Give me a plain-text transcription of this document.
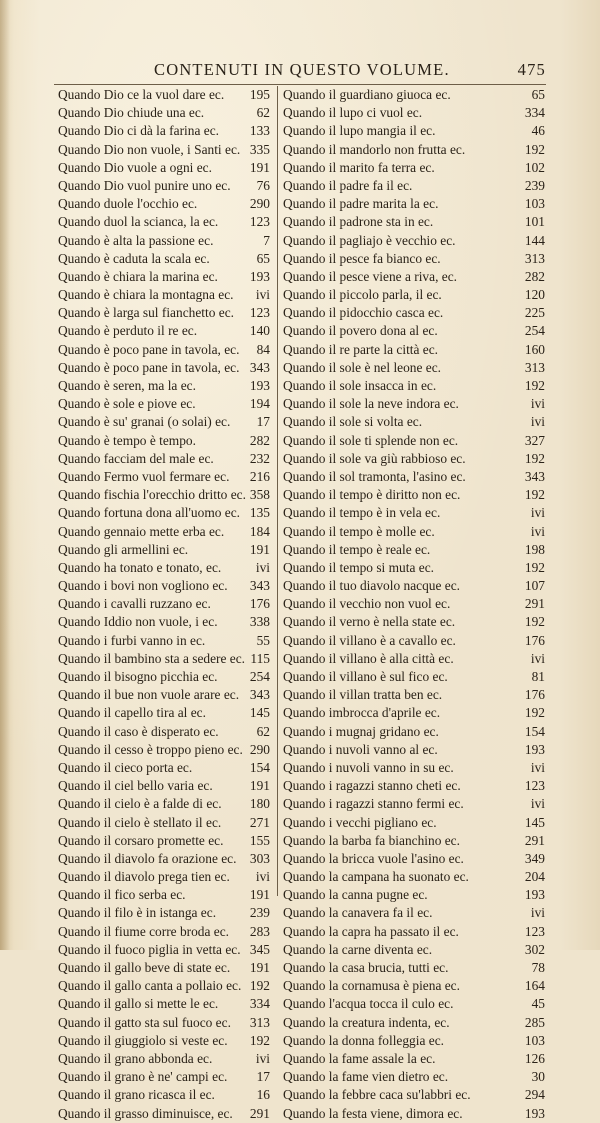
CONTENUTI IN QUESTO VOLUME.	475
Quando Dio ce la vuol dare ec. 195
Quando Dio chiude una ec.	62
Quando Dio ci dà la farina ec. 133
Quando Dio non vuole, i Santi ec. 335
Quando Dio vuole a ogni ec.	191
Quando Dio vuol punire uno ec. 76
Quando duole l'occhio ec.	290
Quando duol la scianca, la ec. 123
Quando è alta la passione ec.	7
Quando è caduta la scala ec.	65
Quando è chiara la marina ec. 193
Quando è chiara la montagna ec. ivi
Quando è larga sul fianchetto ec. 123
Quando è perduto il re ec.	140
Quando è poco pane in tavola, ec. 84
Quando è poco pane in tavola, ec. 343
Quando è seren, ma la ec.	193
Quando è sole e piove ec.	194
Quando è su' granai (o solai) ec. 17
Quando è tempo è tempo.	282
Quando facciam del male ec.	232
Quando Fermo vuol fermare ec. 216
Quando fischia l'orecchio dritto ec. 358
Quando fortuna dona all'uomo ec. 135
Quando gennaio mette erba ec. 184
Quando gli armellini ec.	191
Quando ha tonato e tonato, ec.	ivi
Quando i bovi non vogliono ec. 343
Quando i cavalli ruzzano ec.	176
Quando Iddio non vuole, i ec. 338
Quando i furbi vanno in ec.	55
Quando il bambino sta a sedere ec. 115
Quando il bisogno picchia ec. 254
Quando il bue non vuole arare ec. 343
Quando il capello tira al ec.	145
Quando il caso è disperato ec.	62
Quando il cesso è troppo pieno ec. 290
Quando il cieco porta ec.	154
Quando il ciel bello varia ec.	191
Quando il cielo è a falde di ec. 180
Quando il cielo è stellato il ec. 271
Quando il corsaro promette ec. 155
Quando il diavolo fa orazione ec. 303
Quando il diavolo prega tien ec. ivi
Quando il fico serba ec.	191
Quando il filo è in istanga ec.	239
Quando il fiume corre broda ec. 283
Quando il fuoco piglia in vetta ec. 345
Quando il gallo beve di state ec. 191
Quando il gallo canta a pollaio ec. 192
Quando il gallo si mette le ec. 334
Quando il gatto sta sul fuoco ec. 313
Quando il giuggiolo si veste ec. 192
Quando il grano abbonda ec.	ivi
Quando il grano è ne' campi ec. 17
Quando il grano ricasca il ec.	16
Quando il grasso diminuisce, ec. 291
Quando il guardiano giuoca ec.	65
Quando il lupo ci vuol ec.	334
Quando il lupo mangia il ec.	46
Quando il mandorlo non frutta ec.	192
Quando il marito fa terra ec.	102
Quando il padre fa il ec.	239
Quando il padre marita la ec.	103
Quando il padrone sta in ec.	101
Quando il pagliajo è vecchio ec.	144
Quando il pesce fa bianco ec.	313
Quando il pesce viene a riva, ec.	282
Quando il piccolo parla, il ec.	120
Quando il pidocchio casca ec.	225
Quando il povero dona al ec.	254
Quando il re parte la città ec.	160
Quando il sole è nel leone ec.	313
Quando il sole insacca in ec.	192
Quando il sole la neve indora ec.	ivi
Quando il sole si volta ec.	ivi
Quando il sole ti splende non ec.	327
Quando il sole va giù rabbioso ec.	192
Quando il sol tramonta, l'asino ec.	343
Quando il tempo è diritto non ec.	192
Quando il tempo è in vela ec.	ivi
Quando il tempo è molle ec.	ivi
Quando il tempo è reale ec.	198
Quando il tempo si muta ec.	192
Quando il tuo diavolo nacque ec.	107
Quando il vecchio non vuol ec.	291
Quando il verno è nella state ec.	192
Quando il villano è a cavallo ec.	176
Quando il villano è alla città ec.	ivi
Quando il villano è sul fico ec.	81
Quando il villan tratta ben ec.	176
Quando imbrocca d'aprile ec.	192
Quando i mugnaj gridano ec.	154
Quando i nuvoli vanno al ec.	193
Quando i nuvoli vanno in su ec.	ivi
Quando i ragazzi stanno cheti ec.	123
Quando i ragazzi stanno fermi ec.	ivi
Quando i vecchi pigliano ec.	145
Quando la barba fa bianchino ec.	291
Quando la bricca vuole l'asino ec.	349
Quando la campana ha suonato ec.	204
Quando la canna pugne ec.	193
Quando la canavera fa il ec.	ivi
Quando la capra ha passato il ec.	123
Quando la carne diventa ec.	302
Quando la casa brucia, tutti ec.	78
Quando la cornamusa è piena ec.	164
Quando l'acqua tocca il culo ec.	45
Quando la creatura indenta, ec.	285
Quando la donna folleggia ec.	103
Quando la fame assale la ec.	126
Quando la fame vien dietro ec.	30
Quando la febbre caca su'labbri ec.	294
Quando la festa viene, dimora ec.	193
